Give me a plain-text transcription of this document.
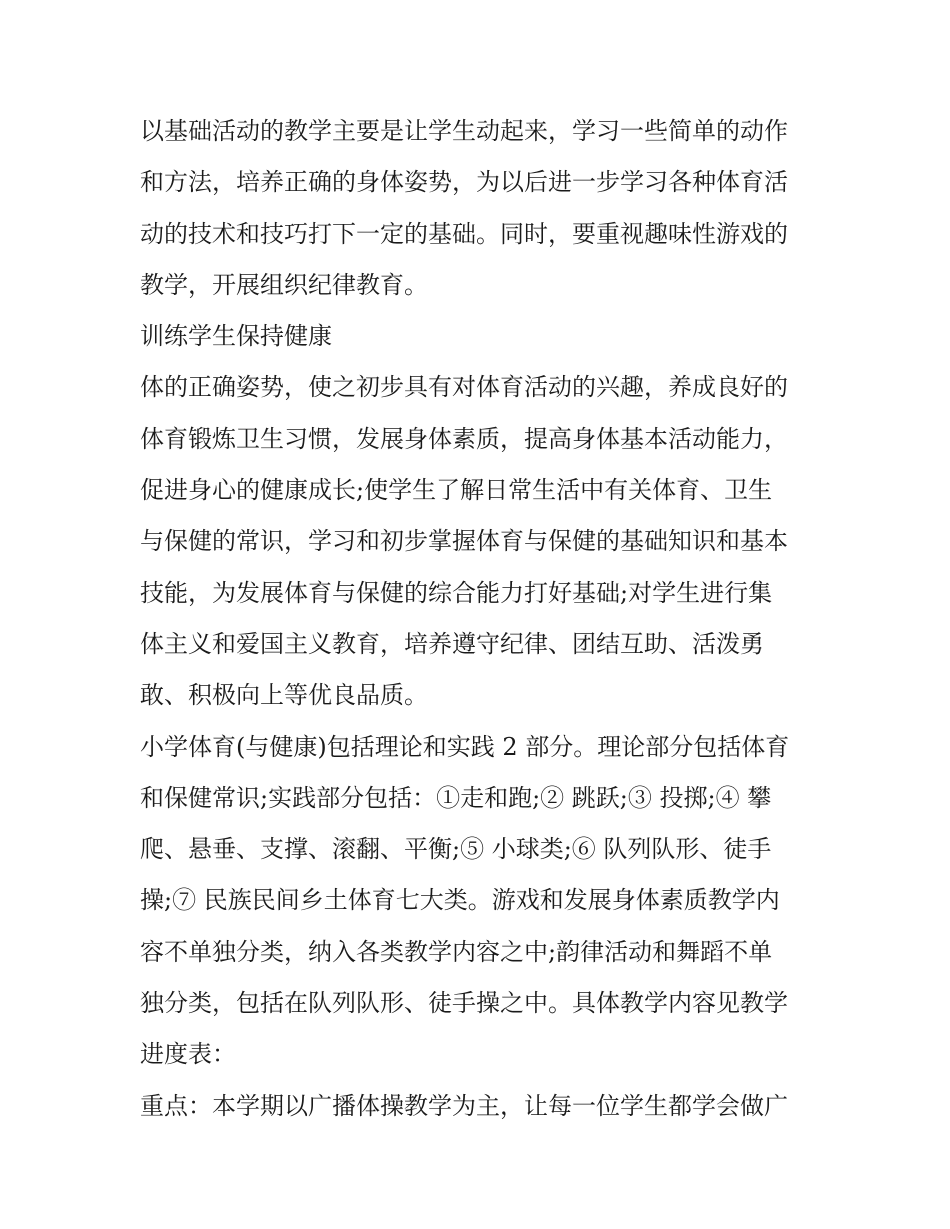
以基础活动的教学主要是让学生动起来，学习一些简单的动作
和方法，培养正确的身体姿势，为以后进一步学习各种体育活
动的技术和技巧打下一定的基础。同时，要重视趣味性游戏的
教学，开展组织纪律教育。
训练学生保持健康
体的正确姿势，使之初步具有对体育活动的兴趣，养成良好的
体育锻炼卫生习惯，发展身体素质，提高身体基本活动能力，
促进身心的健康成长;使学生了解日常生活中有关体育、卫生
与保健的常识，学习和初步掌握体育与保健的基础知识和基本
技能，为发展体育与保健的综合能力打好基础;对学生进行集
体主义和爱国主义教育，培养遵守纪律、团结互助、活泼勇
敢、积极向上等优良品质。
小学体育(与健康)包括理论和实践 2 部分。理论部分包括体育
和保健常识;实践部分包括：①走和跑;② 跳跃;③ 投掷;④ 攀
爬、悬垂、支撑、滚翻、平衡;⑤ 小球类;⑥ 队列队形、徒手
操;⑦ 民族民间乡土体育七大类。游戏和发展身体素质教学内
容不单独分类，纳入各类教学内容之中;韵律活动和舞蹈不单
独分类，包括在队列队形、徒手操之中。具体教学内容见教学
进度表：
重点：本学期以广播体操教学为主，让每一位学生都学会做广
